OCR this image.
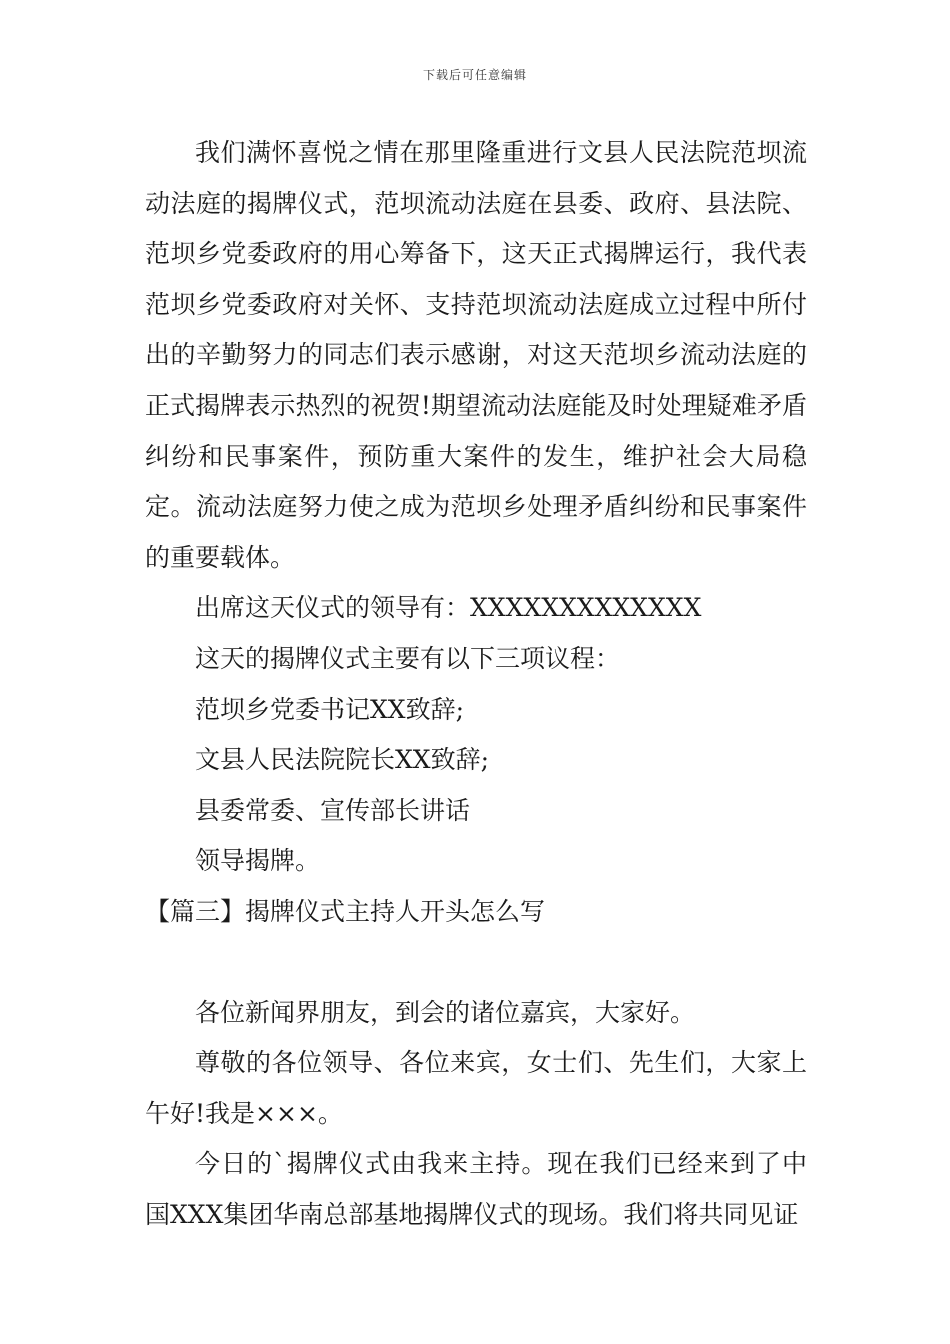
下载后可任意编辑

我们满怀喜悦之情在那里隆重进行文县人民法院范坝流动法庭的揭牌仪式，范坝流动法庭在县委、政府、县法院、范坝乡党委政府的用心筹备下，这天正式揭牌运行，我代表范坝乡党委政府对关怀、支持范坝流动法庭成立过程中所付出的辛勤努力的同志们表示感谢，对这天范坝乡流动法庭的正式揭牌表示热烈的祝贺!期望流动法庭能及时处理疑难矛盾纠纷和民事案件，预防重大案件的发生，维护社会大局稳定。流动法庭努力使之成为范坝乡处理矛盾纠纷和民事案件的重要载体。

出席这天仪式的领导有：XXXXXXXXXXXXX

这天的揭牌仪式主要有以下三项议程：

范坝乡党委书记XX致辞;

文县人民法院院长XX致辞;

县委常委、宣传部长讲话

领导揭牌。

【篇三】揭牌仪式主持人开头怎么写

各位新闻界朋友，到会的诸位嘉宾，大家好。

尊敬的各位领导、各位来宾，女士们、先生们，大家上午好!我是×××。

今日的`揭牌仪式由我来主持。现在我们已经来到了中国XXX集团华南总部基地揭牌仪式的现场。我们将共同见证
